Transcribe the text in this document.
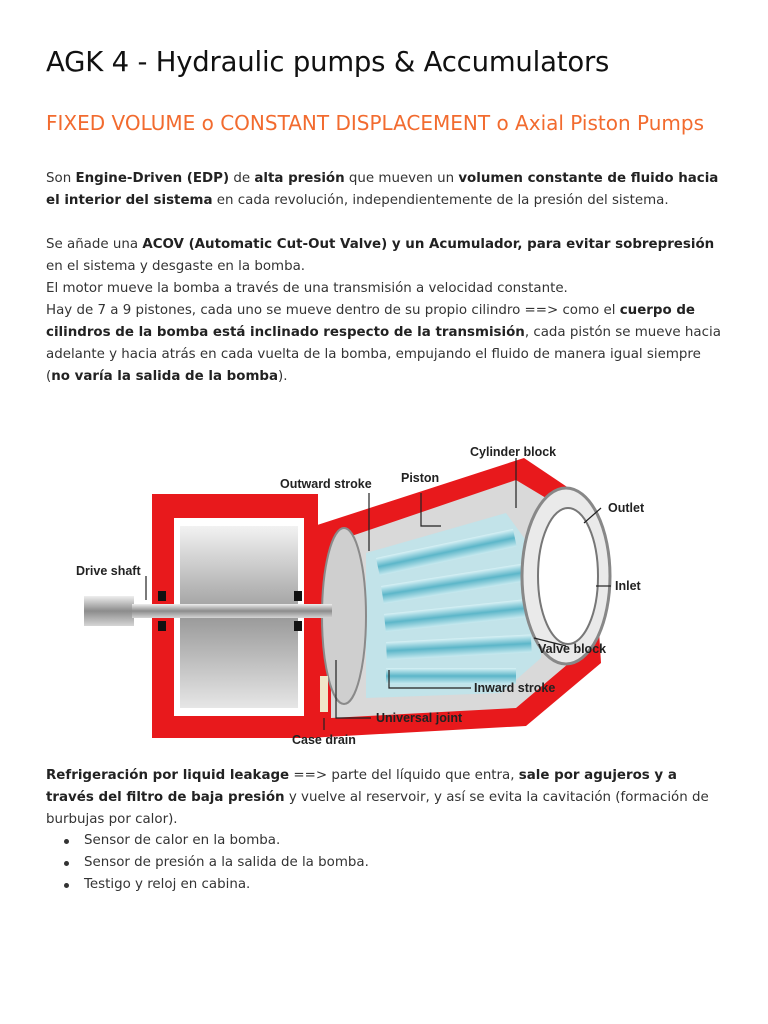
AGK 4 - Hydraulic pumps & Accumulators
FIXED VOLUME o CONSTANT DISPLACEMENT o Axial Piston Pumps

Son Engine-Driven (EDP) de alta presión que mueven un volumen constante de fluido hacia el interior del sistema en cada revolución, independientemente de la presión del sistema.

Se añade una ACOV (Automatic Cut-Out Valve) y un Acumulador, para evitar sobrepresión en el sistema y desgaste en la bomba.
El motor mueve la bomba a través de una transmisión a velocidad constante.
Hay de 7 a 9 pistones, cada uno se mueve dentro de su propio cilindro ==> como el cuerpo de cilindros de la bomba está inclinado respecto de la transmisión, cada pistón se mueve hacia adelante y hacia atrás en cada vuelta de la bomba, empujando el fluido de manera igual siempre (no varía la salida de la bomba).
Cylinder block
Outward stroke Piston
Outlet
Drive shaft
Inlet
Valve block
Inward stroke
Universal joint
Case drain

Refrigeración por liquid leakage ==> parte del líquido que entra, sale por agujeros y a través del filtro de baja presión y vuelve al reservoir, y así se evita la cavitación (formación de burbujas por calor).

Sensor de calor en la bomba.
Sensor de presión a la salida de la bomba.
Testigo y reloj en cabina.
